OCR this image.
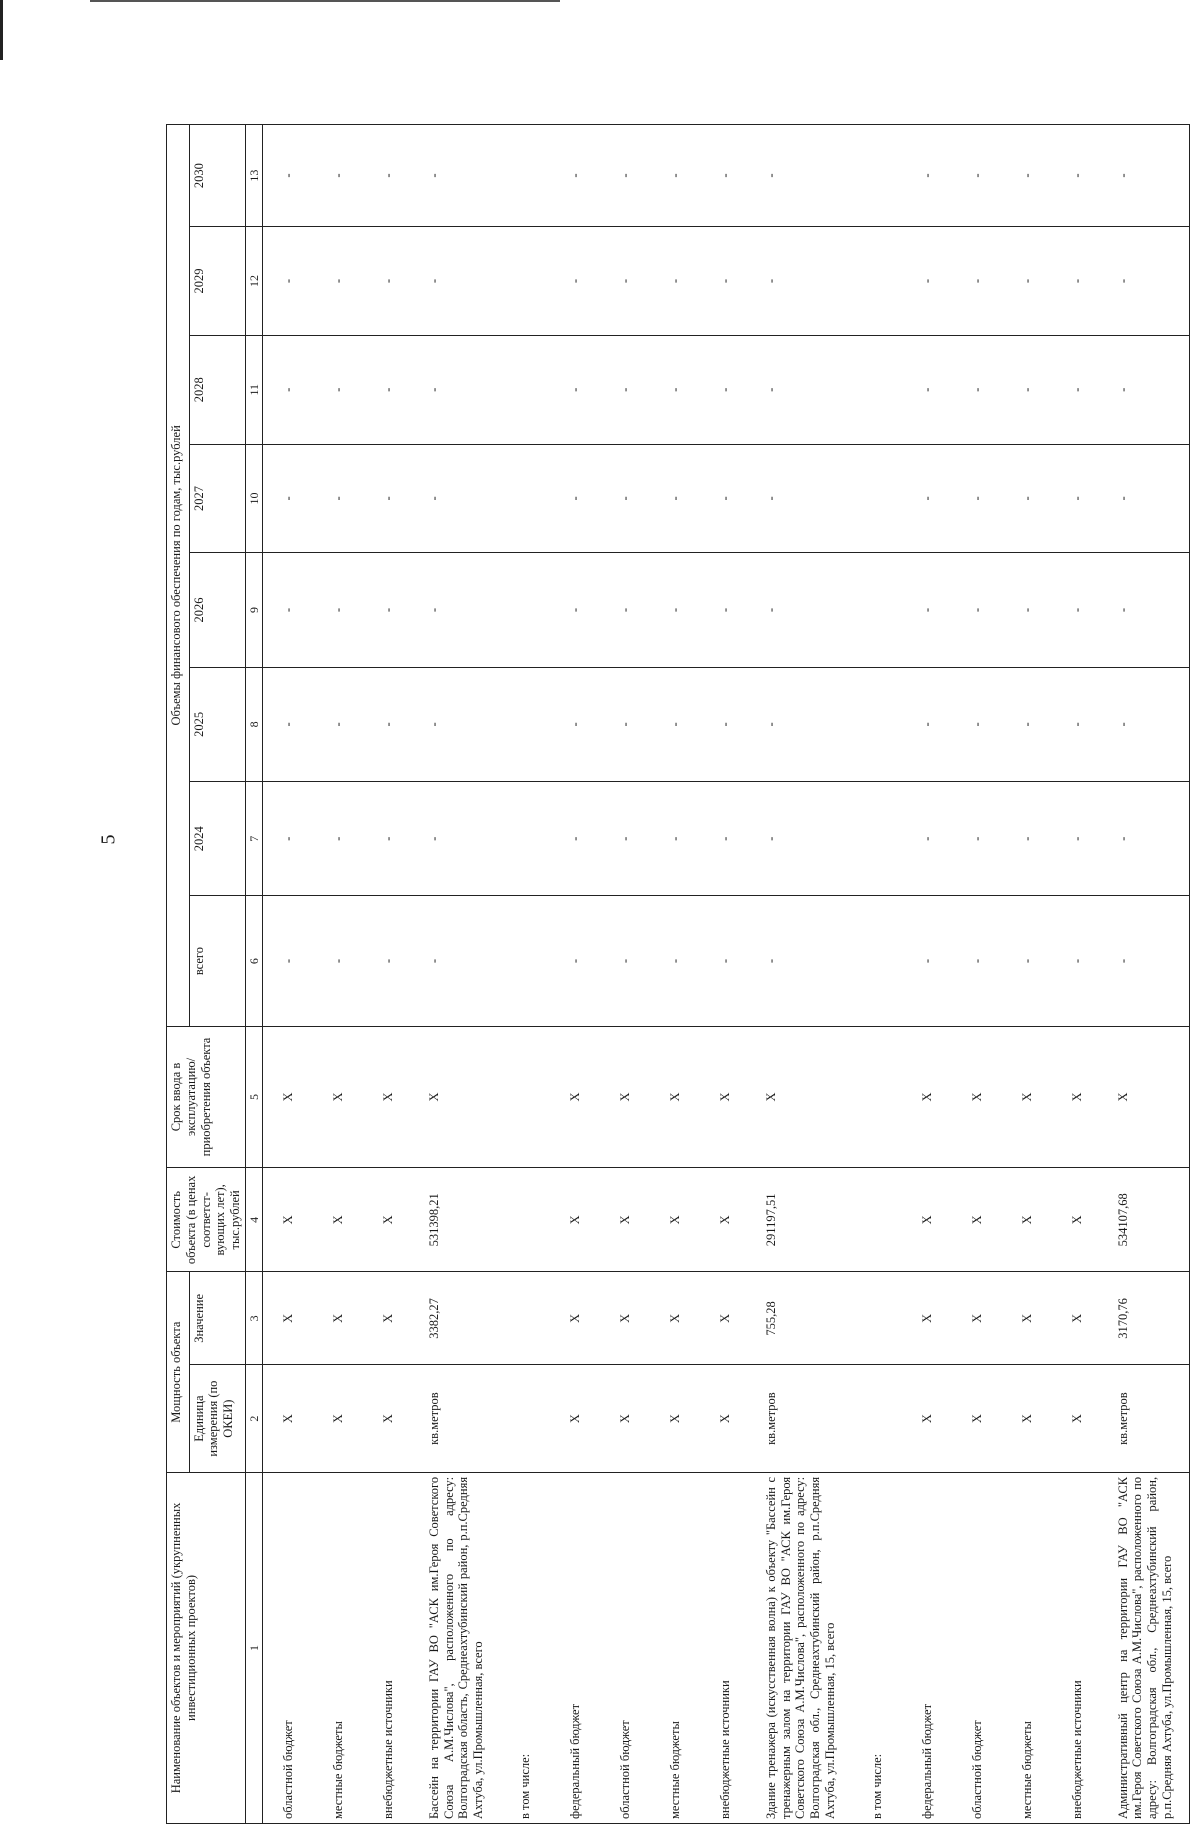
5
Наименование объектов и мероприятий (укрупненных инвестиционных проектов)	Мощность объекта		Стоимость объекта (в ценах соответст-вующих лет), тыс.рублей	Срок ввода в эксплуатацию/ приобретения объекта	Объемы финансового обеспечения по годам, тыс.рублей							
	Единица измерения (по ОКЕИ)	Значение			всего	2024	2025	2026	2027	2028	2029	2030
1	2	3	4	5	6	7	8	9	10	11	12	13
областной бюджет	X	X	X	X	-	-	-	-	-	-	-	-
местные бюджеты	X	X	X	X	-	-	-	-	-	-	-	-
внебюджетные источники	X	X	X	X	-	-	-	-	-	-	-	-
Бассейн на территории ГАУ ВО "АСК им.Героя Советского Союза А.М.Числова", расположенного по адресу: Волгоградская область, Среднеахтубинский район, р.п.Средняя Ахтуба, ул.Промышленная, всего	кв.метров	3382,27	531398,21	X	-	-	-	-	-	-	-	-
в том числе:												
федеральный бюджет	X	X	X	X	-	-	-	-	-	-	-	-
областной бюджет	X	X	X	X	-	-	-	-	-	-	-	-
местные бюджеты	X	X	X	X	-	-	-	-	-	-	-	-
внебюджетные источники	X	X	X	X	-	-	-	-	-	-	-	-
Здание тренажера (искусственная волна) к объекту "Бассейн с тренажерным залом на территории ГАУ ВО "АСК им.Героя Советского Союза А.М.Числова", расположенного по адресу: Волгоградская обл., Среднеахтубинский район, р.п.Средняя Ахтуба, ул.Промышленная, 15, всего	кв.метров	755,28	291197,51	X	-	-	-	-	-	-	-	-
в том числе:												
федеральный бюджет	X	X	X	X	-	-	-	-	-	-	-	-
областной бюджет	X	X	X	X	-	-	-	-	-	-	-	-
местные бюджеты	X	X	X	X	-	-	-	-	-	-	-	-
внебюджетные источники	X	X	X	X	-	-	-	-	-	-	-	-
Административный центр на территории ГАУ ВО "АСК им.Героя Советского Союза А.М.Числова", расположенного по адресу: Волгоградская обл., Среднеахтубинский район, р.п.Средняя Ахтуба, ул.Промышленная, 15, всего	кв.метров	3170,76	534107,68	X	-	-	-	-	-	-	-	-
